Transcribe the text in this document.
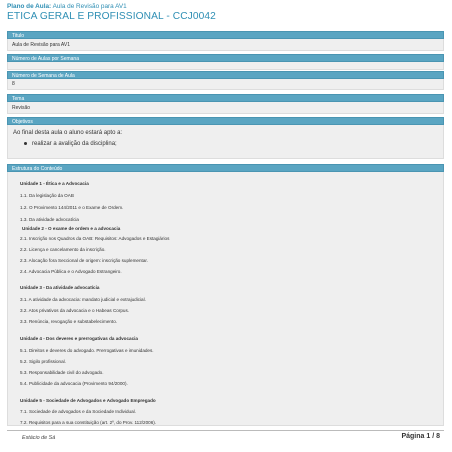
Plano de Aula: Aula de Revisão para AV1
ETICA GERAL E PROFISSIONAL - CCJ0042
Titulo
Aula de Revisão para AV1
Número de Aulas por Semana
Número de Semana de Aula
8
Tema
Revisão
Objetivos
Ao final desta aula o aluno estará apto a:
realizar a avalição da disciplina;
Estrutura do Conteúdo
Unidade 1 - Ética e a Advocacia
1.1. Da legislação da OAB
1.2. O Provimento 144/2011 e o Exame de Ordem.
1.3. Da atividade advocatícia
Unidade 2 - O exame de ordem e a advocacia
2.1. Inscrição nos Quadros da OAB: Requisitos: Advogados e Estagiários
2.2. Licença e cancelamento da inscrição.
2.3. Alocação fora Seccional de origem: inscrição suplementar.
2.4. Advocacia Pública e o Advogado Estrangeiro.
Unidade 3 - Da atividade advocatícia
3.1. A atividade da advocacia: mandato judicial e extrajudicial.
3.2. Atos privativos da advocacia e o Habeas Corpus.
3.3. Renúncia, revogação e substabelecimento.
Unidade 4 - Dos deveres e prerrogativas da advocacia
5.1. Direitos e deveres do advogado. Prerrogativas e imunidades.
5.2. Sigilo profissional.
5.3. Responsabilidade civil do advogado.
5.4. Publicidade da advocacia (Provimento 94/2000).
Unidade 5 - Sociedade de Advogados e Advogado Empregado
7.1. Sociedade de advogados e da Sociedade Individual.
7.2. Requisitos para a sua constituição (art. 2º, do Prov. 112/2006).
Estácio de Sá	Página 1 / 8
